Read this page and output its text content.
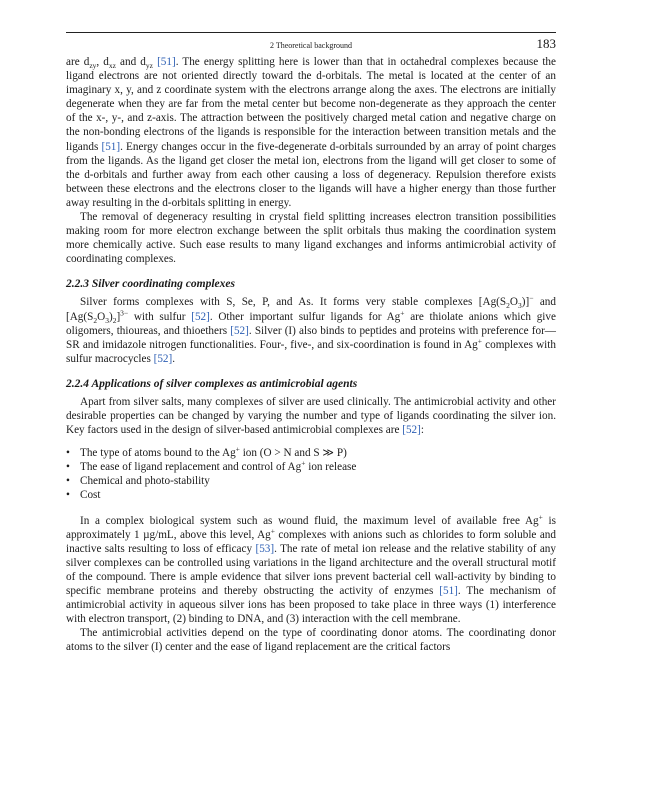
2 Theoretical background	183

are $d_{zy}$, $d_{xz}$ and $d_{yz}$ [51]. The energy splitting here is lower than that in octahedral complexes because the ligand electrons are not oriented directly toward the d-orbitals. The metal is located at the center of an imaginary x, y, and z coordinate system with the electrons arrange along the axes. The electrons are initially degenerate when they are far from the metal center but become non-degenerate as they approach the center of the x-, y-, and z-axis. The attraction between the positively charged metal cation and negative charge on the non-bonding electrons of the ligands is responsible for the interaction between transition metals and the ligands [51]. Energy changes occur in the five-degenerate d-orbitals surrounded by an array of point charges from the ligands. As the ligand get closer the metal ion, electrons from the ligand will get closer to some of the d-orbitals and further away from each other causing a loss of degeneracy. Repulsion therefore exists between these electrons and the electrons closer to the ligands will have a higher energy than those further away resulting in the d-orbitals splitting in energy.

The removal of degeneracy resulting in crystal field splitting increases electron transition possibilities making room for more electron exchange between the split orbitals thus making the coordination system more chemically active. Such ease results to many ligand exchanges and informs antimicrobial activity of coordinating complexes.

2.2.3 Silver coordinating complexes

Silver forms complexes with S, Se, P, and As. It forms very stable complexes $[Ag(S_2O_3)]^-$ and $[Ag(S_2O_3)_2]^{3-}$ with sulfur [52]. Other important sulfur ligands for Ag+ are thiolate anions which give oligomers, thioureas, and thioethers [52]. Silver (I) also binds to peptides and proteins with preference for—SR and imidazole nitrogen functionalities. Four-, five-, and six-coordination is found in Ag+ complexes with sulfur macrocycles [52].

2.2.4 Applications of silver complexes as antimicrobial agents

Apart from silver salts, many complexes of silver are used clinically. The antimicrobial activity and other desirable properties can be changed by varying the number and type of ligands coordinating the silver ion. Key factors used in the design of silver-based antimicrobial complexes are [52]:

• The type of atoms bound to the Ag+ ion (O > N and S ≫ P)
• The ease of ligand replacement and control of Ag+ ion release
• Chemical and photo-stability
• Cost

In a complex biological system such as wound fluid, the maximum level of available free Ag+ is approximately 1 µg/mL, above this level, Ag+ complexes with anions such as chlorides to form soluble and inactive salts resulting to loss of efficacy [53]. The rate of metal ion release and the relative stability of any silver complexes can be controlled using variations in the ligand architecture and the overall structural motif of the compound. There is ample evidence that silver ions prevent bacterial cell wall-activity by binding to specific membrane proteins and thereby obstructing the activity of enzymes [51]. The mechanism of antimicrobial activity in aqueous silver ions has been proposed to take place in three ways (1) interference with electron transport, (2) binding to DNA, and (3) interaction with the cell membrane.

The antimicrobial activities depend on the type of coordinating donor atoms. The coordinating donor atoms to the silver (I) center and the ease of ligand replacement are the critical factors
